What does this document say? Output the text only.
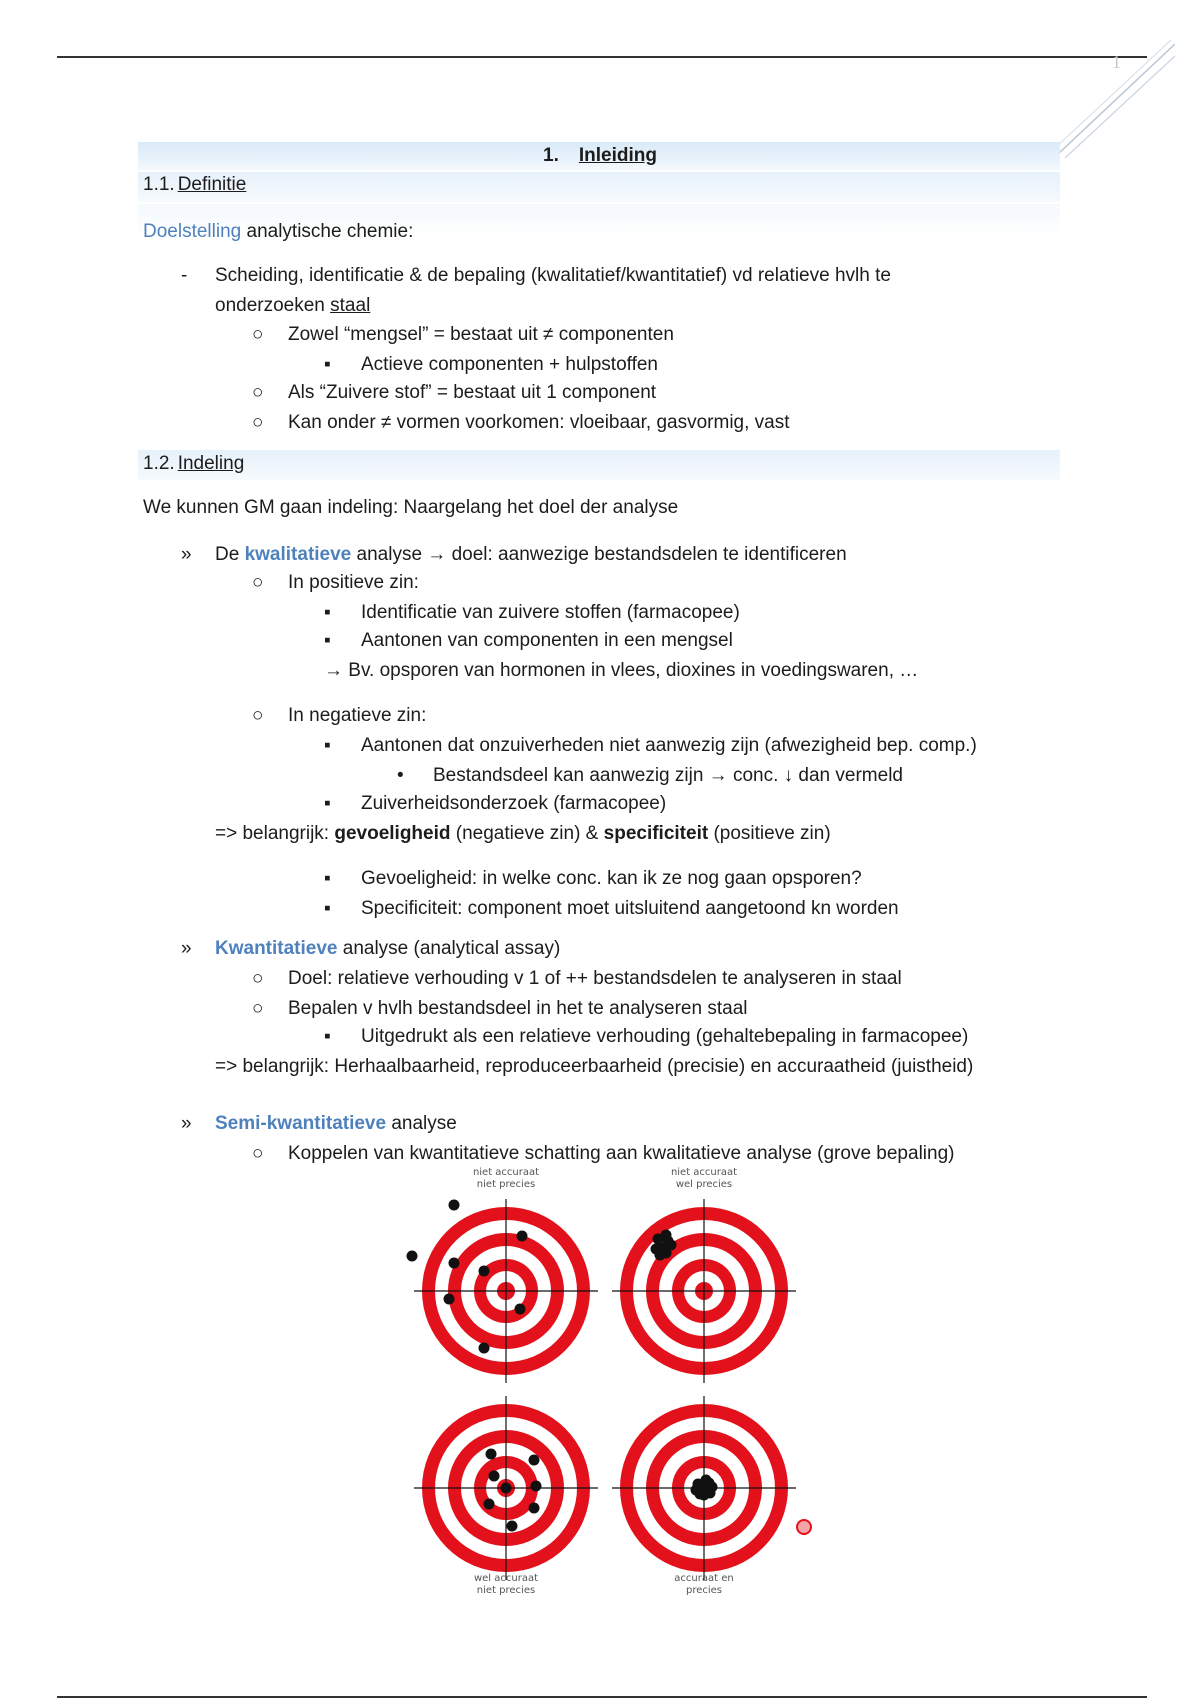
1
1. Inleiding
1.1. Definitie
Doelstelling analytische chemie:
- Scheiding, identificatie & de bepaling (kwalitatief/kwantitatief) vd relatieve hvlh te
onderzoeken staal
○ Zowel “mengsel” = bestaat uit ≠ componenten
▪ Actieve componenten + hulpstoffen
○ Als “Zuivere stof” = bestaat uit 1 component
○ Kan onder ≠ vormen voorkomen: vloeibaar, gasvormig, vast
1.2. Indeling
We kunnen GM gaan indeling: Naargelang het doel der analyse
» De kwalitatieve analyse → doel: aanwezige bestandsdelen te identificeren
○ In positieve zin:
▪ Identificatie van zuivere stoffen (farmacopee)
▪ Aantonen van componenten in een mengsel
→ Bv. opsporen van hormonen in vlees, dioxines in voedingswaren, …
○ In negatieve zin:
▪ Aantonen dat onzuiverheden niet aanwezig zijn (afwezigheid bep. comp.)
• Bestandsdeel kan aanwezig zijn → conc. ↓ dan vermeld
▪ Zuiverheidsonderzoek (farmacopee)
=> belangrijk: gevoeligheid (negatieve zin) & specificiteit (positieve zin)
▪ Gevoeligheid: in welke conc. kan ik ze nog gaan opsporen?
▪ Specificiteit: component moet uitsluitend aangetoond kn worden
» Kwantitatieve analyse (analytical assay)
○ Doel: relatieve verhouding v 1 of ++ bestandsdelen te analyseren in staal
○ Bepalen v hvlh bestandsdeel in het te analyseren staal
▪ Uitgedrukt als een relatieve verhouding (gehaltebepaling in farmacopee)
=> belangrijk: Herhaalbaarheid, reproduceerbaarheid (precisie) en accuraatheid (juistheid)
» Semi-kwantitatieve analyse
○ Koppelen van kwantitatieve schatting aan kwalitatieve analyse (grove bepaling)
niet accuraat
niet precies
niet accuraat
wel precies
wel accuraat
niet precies
accuraat en
precies
